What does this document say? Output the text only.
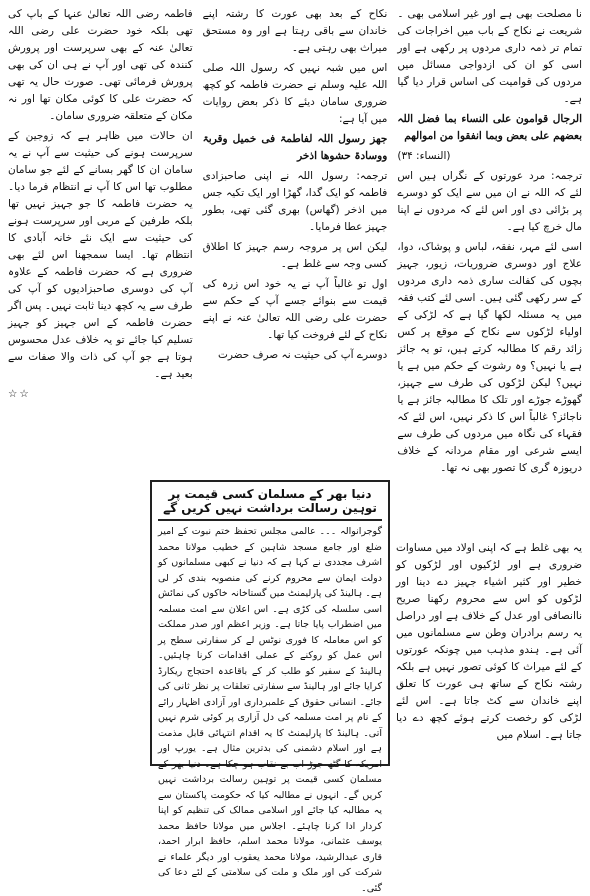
نا مصلحت بھی ہے اور غیر اسلامی بھی ۔ شریعت نے نکاح کے باب میں اخراجات کی تمام تر ذمہ داری مردوں پر رکھی ہے اور اسی کو ان کی ازدواجی مسائل میں مردوں کی قوامیت کی اساس قرار دیا گیا ہے۔

الرجال قوامون علی النساء بما فضل اللہ بعضھم علی بعض وبما انفقوا من اموالھم

(النساء: ۳۴)

ترجمہ: مرد عورتوں کے نگراں ہیں اس لئے کہ اللہ نے ان میں سے ایک کو دوسرے پر بڑائی دی اور اس لئے کہ مردوں نے اپنا مال خرچ کیا ہے۔

اسی لئے مہر، نفقہ، لباس و پوشاک، دوا، علاج اور دوسری ضروریات، زیور، جہیز بچوں کی کفالت ساری ذمہ داری مردوں کے سر رکھی گئی ہیں۔ اسی لئے کتب فقہ میں یہ مسئلہ لکھا گیا ہے کہ لڑکی کے اولیاء لڑکوں سے نکاح کے موقع پر کس زائد رقم کا مطالبہ کرتے ہیں، تو یہ جائز ہے یا نہیں؟ وہ رشوت کے حکم میں ہے یا نہیں؟ لیکن لڑکوں کی طرف سے جہیز، گھوڑے جوڑے اور تلک کا مطالبہ جائز ہے یا ناجائز؟ غالباً اس کا ذکر نہیں، اس لئے کہ فقہاء کی نگاہ میں مردوں کی طرف سے ایسے شرعی اور مقام مردانہ کے خلاف دریوزہ گری کا تصور بھی نہ تھا۔

نکاح کے بعد بھی عورت کا رشتہ اپنے خاندان سے باقی رہتا ہے اور وہ مستحق میراث بھی رہتی ہے۔

اس میں شبہ نہیں کہ رسول اللہ صلی اللہ علیہ وسلم نے حضرت فاطمہ کو کچھ ضروری سامان دیئے کا ذکر بعض روایات میں آیا ہے:

جھز رسول اللہ لفاطمۃ فی خمیل وقربۃ ووسادۃ حشوھا اذخر

ترجمہ: رسول اللہ نے اپنی صاحبزادی فاطمہ کو ایک گدا، گھڑا اور ایک تکیہ جس میں اذخر (گھاس) بھری گئی تھی، بطور جہیز عطا فرمایا۔

لیکن اس پر مروجہ رسم جہیز کا اطلاق کسی وجہ سے غلط ہے۔

اول تو غالباً آپ نے یہ خود اس زرہ کی قیمت سے بنوائے جسے آپ کے حکم سے حضرت علی رضی اللہ تعالیٰ عنہ نے اپنے نکاح کے لئے فروخت کیا تھا۔

دوسرے آپ کی حیثیت نہ صرف حضرت

فاطمہ رضی اللہ تعالیٰ عنہا کے باپ کی تھی بلکہ خود حضرت علی رضی اللہ تعالیٰ عنہ کے بھی سرپرست اور پرورش کنندہ کی تھی اور آپ نے ہی ان کی بھی پرورش فرمائی تھی۔ صورت حال یہ تھی کہ حضرت علی کا کوئی مکان تھا اور نہ مکان کے متعلقہ ضروری سامان۔

ان حالات میں ظاہر ہے کہ زوجین کے سرپرست ہونے کی حیثیت سے آپ نے یہ سامان ان کا گھر بسانے کے لئے جو سامان مطلوب تھا اس کا آپ نے انتظام فرما دیا۔ یہ حضرت فاطمہ کا جو جہیز نہیں تھا بلکہ طرفین کے مربی اور سرپرست ہونے کی حیثیت سے ایک نئے خانہ آبادی کا انتظام تھا۔ ایسا سمجھنا اس لئے بھی ضروری ہے کہ حضرت فاطمہ کے علاوہ آپ کی دوسری صاحبزادیوں کو آپ کی طرف سے یہ کچھ دینا ثابت نہیں۔ پس اگر حضرت فاطمہ کے اس جہیز کو جہیز تسلیم کیا جائے تو یہ خلاف عدل محسوس ہوتا ہے جو آپ کی ذات والا صفات سے بعید ہے۔

☆☆

دنیا بھر کے مسلمان کسی قیمت پر توہین رسالت برداشت نہیں کریں گے
گوجرانوالہ ۔۔۔ عالمی مجلس تحفظ ختم نبوت کے امیر ضلع اور جامع مسجد شاہین کے خطیب مولانا محمد اشرف مجددی نے کہا ہے کہ دنیا نے کبھی مسلمانوں کو دولت ایمان سے محروم کرنے کی منصوبہ بندی کر لی ہے۔ ہالینڈ کی پارلیمنٹ میں گستاخانہ خاکوں کی نمائش اسی سلسلہ کی کڑی ہے۔ اس اعلان سے امت مسلمہ میں اضطراب پایا جاتا ہے۔ وزیر اعظم اور صدر مملکت کو اس معاملہ کا فوری نوٹس لے کر سفارتی سطح پر اس عمل کو روکنے کے عملی اقدامات کرنا چاہئیں۔ ہالینڈ کے سفیر کو طلب کر کے باقاعدہ احتجاج ریکارڈ کرایا جائے اور ہالینڈ سے سفارتی تعلقات پر نظر ثانی کی جائے۔ انسانی حقوق کے علمبرداری اور آزادی اظہار رائے کے نام پر امت مسلمہ کی دل آزاری پر کوئی شرم نہیں آتی۔ ہالینڈ کا پارلیمنٹ کا یہ اقدام انتہائی قابل مذمت ہے اور اسلام دشمنی کی بدترین مثال ہے۔ یورپ اور امریکہ کا گٹھ جوڑ اب بے نقاب ہو چکا ہے۔ دنیا بھر کے مسلمان کسی قیمت پر توہین رسالت برداشت نہیں کریں گے۔ انہوں نے مطالبہ کیا کہ حکومت پاکستان سے یہ مطالبہ کیا جائے اور اسلامی ممالک کی تنظیم کو اپنا کردار ادا کرنا چاہئے۔ اجلاس میں مولانا حافظ محمد یوسف عثمانی، مولانا محمد اسلم، حافظ ابرار احمد، قاری عبدالرشید، مولانا محمد یعقوب اور دیگر علماء نے شرکت کی اور ملک و ملت کی سلامتی کے لئے دعا کی گئی۔

یہ بھی غلط ہے کہ اپنی اولاد میں مساوات ضروری ہے اور لڑکیوں اور لڑکوں کو خطیر اور کثیر اشیاء جہیز دے دینا اور لڑکوں کو اس سے محروم رکھنا صریح ناانصافی اور عدل کے خلاف ہے اور دراصل یہ رسم برادران وطن سے مسلمانوں میں آئی ہے۔ ہندو مذہب میں چونکہ عورتوں کے لئے میراث کا کوئی تصور نہیں ہے بلکہ رشتہ نکاح کے ساتھ ہی عورت کا تعلق اپنے خاندان سے کٹ جاتا ہے۔ اس لئے لڑکی کو رخصت کرتے ہوئے کچھ دے دیا جاتا ہے۔ اسلام میں
